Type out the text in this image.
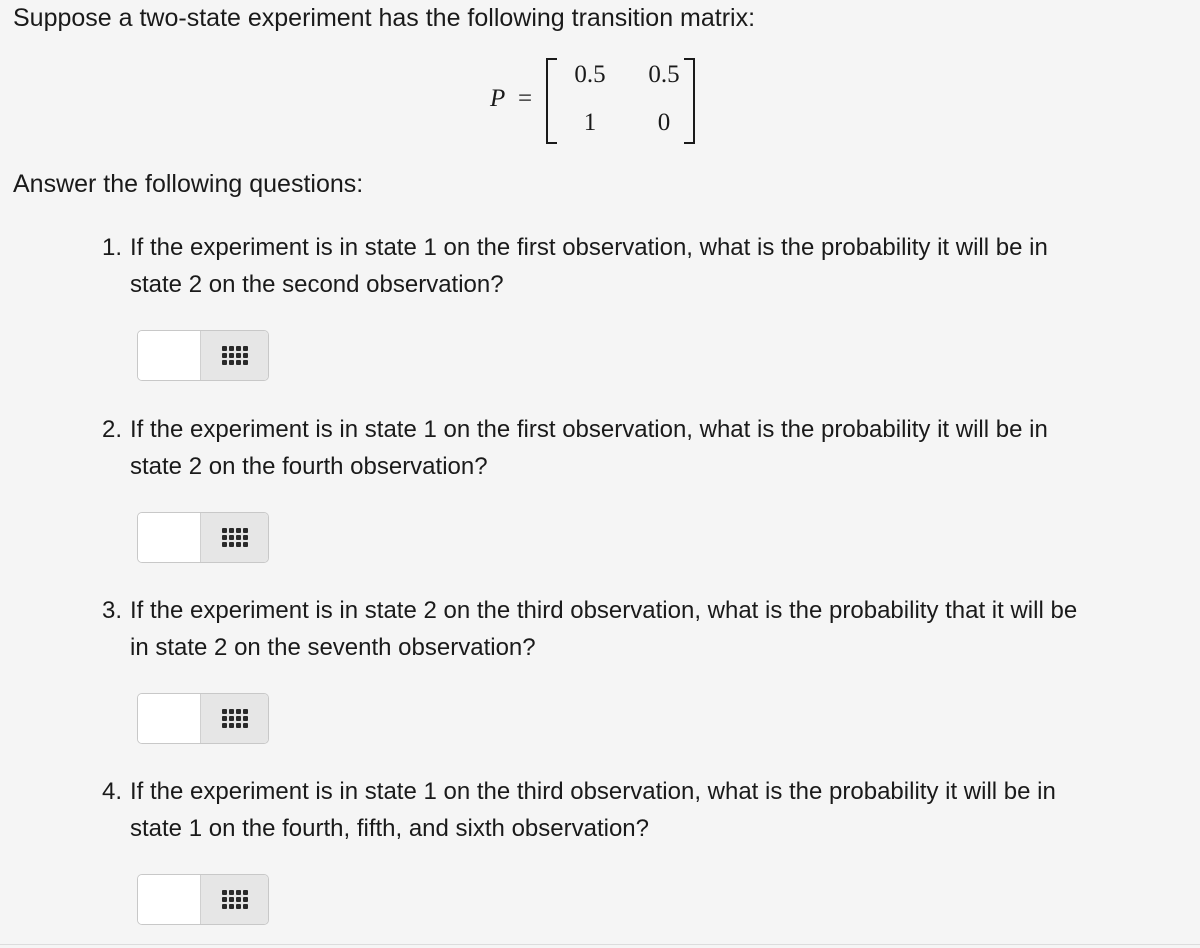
Suppose a two-state experiment has the following transition matrix:

P =
0.5	0.5
1	0

Answer the following questions:

1. If the experiment is in state 1 on the first observation, what is the probability it will be in
state 2 on the second observation?
2. If the experiment is in state 1 on the first observation, what is the probability it will be in
state 2 on the fourth observation?
3. If the experiment is in state 2 on the third observation, what is the probability that it will be
in state 2 on the seventh observation?
4. If the experiment is in state 1 on the third observation, what is the probability it will be in
state 1 on the fourth, fifth, and sixth observation?
